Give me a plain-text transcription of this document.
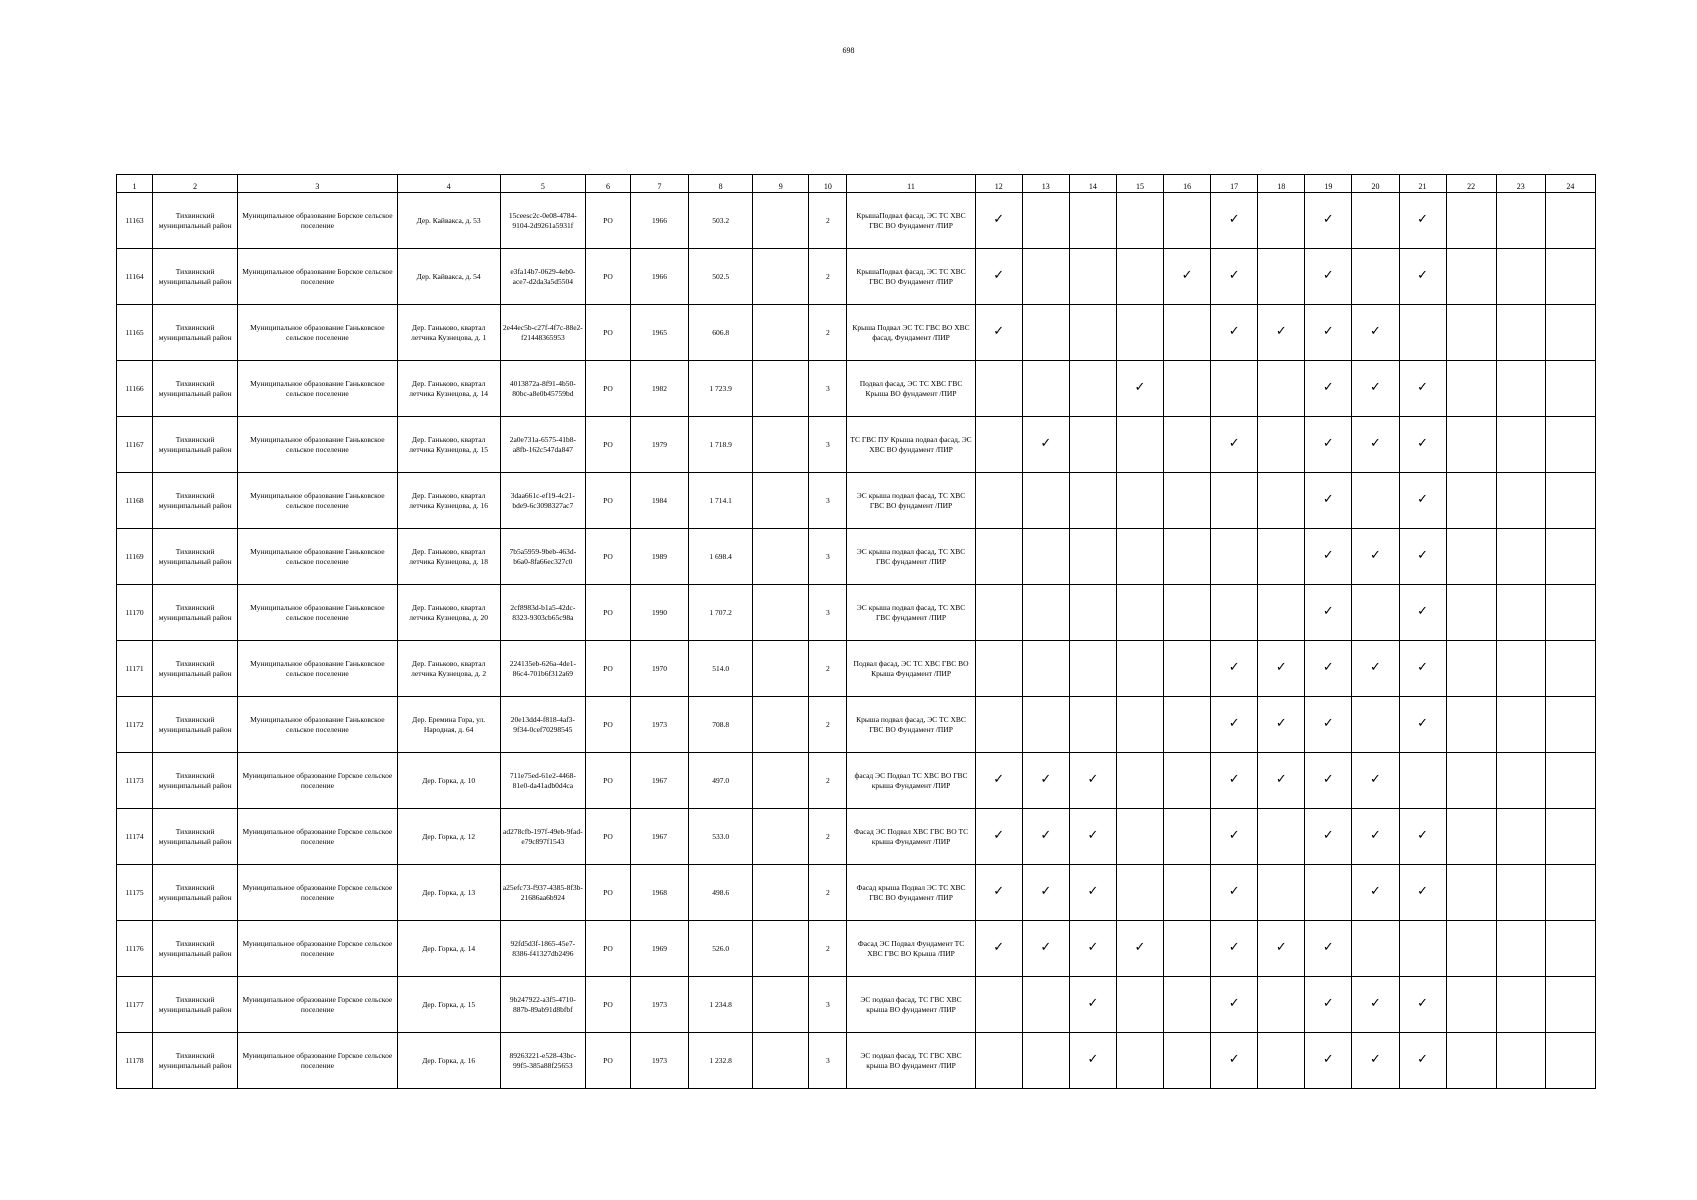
698
1	2	3	4	5	6	7	8	9	10	11	12	13	14	15	16	17	18	19	20	21	22	23	24
11163	Тихвинский муниципальный район	Муниципальное образование Борское сельское поселение	Дер. Кайваксa, д. 53	15ceesc2c-0e08-4784-9104-2d9261a5931f	РО	1966	503.2		2	КрышаПодвал фасад, ЭС ТС ХВС ГВС ВО Фундамент /ПИР	✓					✓		✓		✓			
11164	Тихвинский муниципальный район	Муниципальное образование Борское сельское поселение	Дер. Кайвакса, д. 54	e3fa14b7-0629-4eb0-ace7-d2da3a5d5504	РО	1966	502.5		2	КрышаПодвал фасад, ЭС ТС ХВС ГВС ВО Фундамент /ПИР	✓				✓	✓		✓		✓			
11165	Тихвинский муниципальный район	Муниципальное образование Ганьковское сельское поселение	Дер. Ганьково, квартал летчика Кузнецова, д. 1	2e44ec5b-c27f-4f7c-88e2-f21448365953	РО	1965	606.8		2	Крыша Подвал ЭС ТС ГВС ВО ХВС фасад, Фундамент /ПИР	✓					✓	✓	✓	✓				
11166	Тихвинский муниципальный район	Муниципальное образование Ганьковское сельское поселение	Дер. Ганьково, квартал летчика Кузнецова, д. 14	4013872a-8f91-4b50-80bc-a8e0b45759bd	РО	1982	1 723.9		3	Подвал фасад, ЭС ТС ХВС ГВС Крыша ВО фундамент /ПИР				✓				✓	✓	✓			
11167	Тихвинский муниципальный район	Муниципальное образование Ганьковское сельское поселение	Дер. Ганьково, квартал летчика Кузнецова, д. 15	2a0e731a-6575-41b8-a8fb-162c547da847	РО	1979	1 718.9		3	ТС ГВС ПУ Крыша подвал фасад, ЭС ХВС ВО фундамент /ПИР		✓				✓		✓	✓	✓			
11168	Тихвинский муниципальный район	Муниципальное образование Ганьковское сельское поселение	Дер. Ганьково, квартал летчика Кузнецова, д. 16	3daa661c-ef19-4c21-bde9-6c3098327ac7	РО	1984	1 714.1		3	ЭС крыша подвал фасад, ТС ХВС ГВС ВО фундамент /ПИР								✓		✓			
11169	Тихвинский муниципальный район	Муниципальное образование Ганьковское сельское поселение	Дер. Ганьково, квартал летчика Кузнецова, д. 18	7b5a5959-9beb-463d-b6a0-8fa66ec327c0	РО	1989	1 698.4		3	ЭС крыша подвал фасад, ТС ХВС ГВС фундамент /ПИР								✓	✓	✓			
11170	Тихвинский муниципальный район	Муниципальное образование Ганьковское сельское поселение	Дер. Ганьково, квартал летчика Кузнецова, д. 20	2cf8983d-b1a5-42dc-8323-9303cb65c98a	РО	1990	1 707.2		3	ЭС крыша подвал фасад, ТС ХВС ГВС фундамент /ПИР								✓		✓			
11171	Тихвинский муниципальный район	Муниципальное образование Ганьковское сельское поселение	Дер. Ганьково, квартал летчика Кузнецова, д. 2	224135eb-626a-4de1-86c4-701b6f312a69	РО	1970	514.0		2	Подвал фасад, ЭС ТС ХВС ГВС ВО Крыша Фундамент /ПИР						✓	✓	✓	✓	✓			
11172	Тихвинский муниципальный район	Муниципальное образование Ганьковское сельское поселение	Дер. Еремина Гора, ул. Народная, д. 64	20e13dd4-f818-4af3-9f34-0cef70298545	РО	1973	708.8		2	Крыша подвал фасад, ЭС ТС ХВС ГВС ВО Фундамент /ПИР						✓	✓	✓		✓			
11173	Тихвинский муниципальный район	Муниципальное образование Горское сельское поселение	Дер. Горка, д. 10	711e75ed-61e2-4468-81e0-da41adb0d4ca	РО	1967	497.0		2	фасад ЭС Подвал ТС ХВС ВО ГВС крыша Фундамент /ПИР	✓	✓	✓			✓	✓	✓	✓				
11174	Тихвинский муниципальный район	Муниципальное образование Горское сельское поселение	Дер. Горка, д. 12	ad278cfb-197f-49eb-9fad-e79c897f1543	РО	1967	533.0		2	Фасад ЭС Подвал ХВС ГВС ВО ТС крыша Фундамент /ПИР	✓	✓	✓			✓		✓	✓	✓			
11175	Тихвинский муниципальный район	Муниципальное образование Горское сельское поселение	Дер. Горка, д. 13	a25efc73-f937-4385-8f3b-21686aa6b924	РО	1968	498.6		2	Фасад крыша Подвал ЭС ТС ХВС ГВС ВО Фундамент /ПИР	✓	✓	✓			✓			✓	✓			
11176	Тихвинский муниципальный район	Муниципальное образование Горское сельское поселение	Дер. Горка, д. 14	92fd5d3f-1865-45e7-8386-f41327db2496	РО	1969	526.0		2	Фасад ЭС Подвал Фундамент ТС ХВС ГВС ВО Крыша /ПИР	✓	✓	✓	✓		✓	✓	✓					
11177	Тихвинский муниципальный район	Муниципальное образование Горское сельское поселение	Дер. Горка, д. 15	9b247922-a3f5-4710-887b-89ab91d8bfbf	РО	1973	1 234.8		3	ЭС подвал фасад, ТС ГВС ХВС крыша ВО фундамент /ПИР			✓			✓		✓	✓	✓			
11178	Тихвинский муниципальный район	Муниципальное образование Горское сельское поселение	Дер. Горка, д. 16	89263221-e528-43bc-99f5-385a88f25653	РО	1973	1 232.8		3	ЭС подвал фасад, ТС ГВС ХВС крыша ВО фундамент /ПИР			✓			✓		✓	✓	✓			
